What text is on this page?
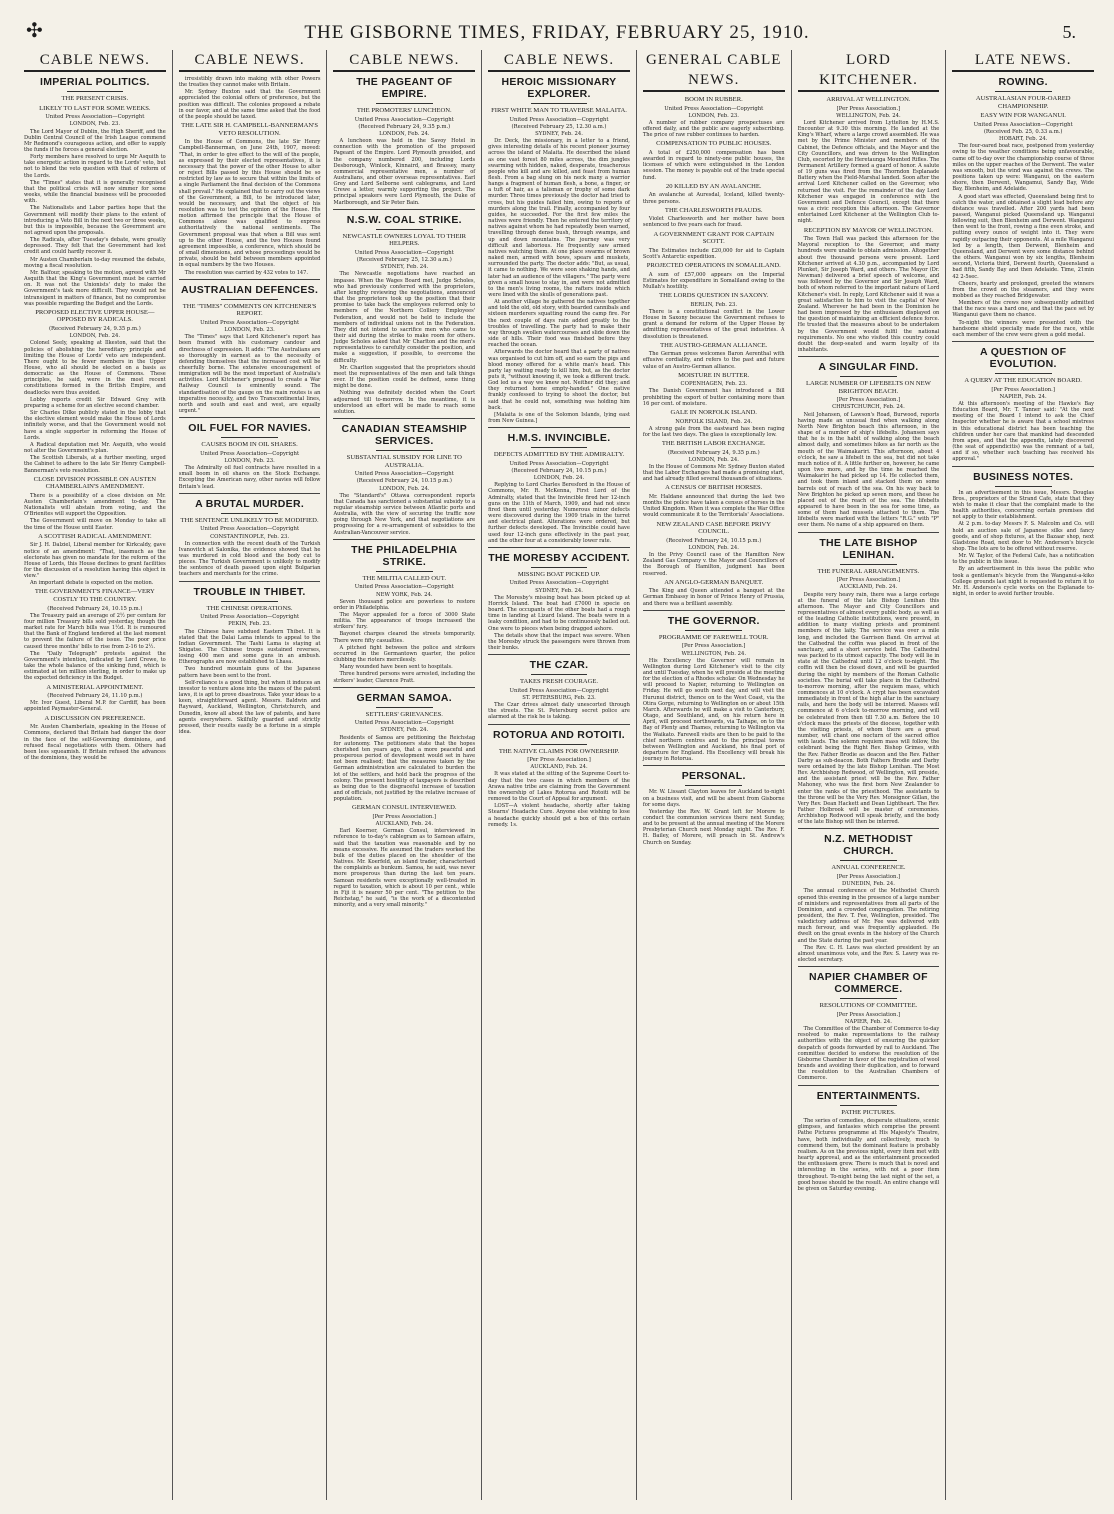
✣	THE GISBORNE TIMES, FRIDAY, FEBRUARY 25, 1910.	5.
CABLE NEWS.
IMPERIAL POLITICS.
THE PRESENT CRISIS.
LIKELY TO LAST FOR SOME WEEKS.
United Press Association—Copyright
LONDON, Feb. 23.

The Lord Mayor of Dublin, the High Sheriff, and the Dublin Central Council of the Irish League commend Mr Redmond's courageous action, and offer to supply the funds if he forces a general election.

Forty members have resolved to urge Mr Asquith to take energetic action in regard to the Lords' veto, but not to blend the veto question with that of reform of the Lords.

The "Times" states that it is generally recognised that the political crisis will now simmer for some weeks, while the financial business will be proceeded with.

The Nationalists and Labor parties hope that the Government will modify their plans to the extent of introducing a Veto Bill in the next two or three weeks, but this is impossible, because the Government are not agreed upon the proposals.

The Radicals, after Tuesday's debate, were greatly depressed. They felt that the Government had lost credit and could hardly recover it.

Mr Austen Chamberlain to-day resumed the debate, moving a fiscal resolution.

Mr. Balfour, speaking to the motion, agreed with Mr Asquith that the King's Government must be carried on. It was not the Unionists' duty to make the Government's task more difficult. They would not be intransigent in matters of finance, but no compromise was possible regarding the Budget and the Lords.

PROPOSED ELECTIVE UPPER HOUSE—OPPOSED BY RADICALS.
(Received February 24, 9.35 p.m.)
LONDON, Feb. 24.

Colonel Seely, speaking at Ilkeston, said that the policies of abolishing the hereditary principle and limiting the House of Lords' veto are independent. There ought to be fewer members in the Upper House, who all should be elected on a basis as democratic as the House of Commons. These principles, he said, were in the most recent constitutions formed in the British Empire, and deadlocks were thus avoided.

Lobby reports credit Sir Edward Grey with preparing a scheme for an elective second chamber.

Sir Charles Dilke publicly stated in the lobby that the elective element would make the House of Lords infinitely worse, and that the Government would not have a single supporter in reforming the House of Lords.

A Radical deputation met Mr. Asquith, who would not alter the Government's plan.

The Scottish Liberals, at a further meeting, urged the Cabinet to adhere to the late Sir Henry Campbell-Bannerman's veto resolution.

CLOSE DIVISION POSSIBLE ON AUSTEN CHAMBERLAIN'S AMENDMENT.

There is a possibility of a close division on Mr. Austen Chamberlain's amendment to-day. The Nationalists will abstain from voting, and the O'Brienites will support the Opposition.

The Government will move on Monday to take all the time of the House until Easter.

A SCOTTISH RADICAL AMENDMENT.

Sir J. H. Dalziel, Liberal member for Kirkcaldy, gave notice of an amendment: "That, inasmuch as the electorate has given no mandate for the reform of the House of Lords, this House declines to grant facilities for the discussion of a resolution having this object in view."

An important debate is expected on the motion.

THE GOVERNMENT'S FINANCE—VERY COSTLY TO THE COUNTRY.
(Received February 24, 10.15 p.m.)

The Treasury paid an average of 2½ per centum for four million Treasury bills sold yesterday, though the market rate for March bills was 1½d. It is rumoured that the Bank of England tendered at the last moment to prevent the failure of the issue. The poor price caused three months' bills to rise from 2-16 to 2½.

The "Daily Telegraph" protests against the Government's intention, indicated by Lord Crewe, to take the whole balance of the sinking fund, which is estimated at ten million sterling, in order to make up the expected deficiency in the Budget.

A MINISTERIAL APPOINTMENT.
(Received February 24, 11.10 p.m.)

Mr. Ivor Guest, Liberal M.P. for Cardiff, has been appointed Paymaster-General.

A DISCUSSION ON PREFERENCE.

Mr. Austen Chamberlain, speaking in the House of Commons, declared that Britain had danger the door in the face of the self-Governing dominions, and refused fiscal negotiations with them. Others had been less squeamish. If Britain refused the advances of the dominions, they would be

CABLE NEWS.

irresistibly drawn into making with other Powers the treaties they cannot make with Britain.

Mr. Sydney Buxton said that the Government appreciated the colonial offers of preference, but the position was difficult. The colonies proposed a rebate in our favor, and at the same time asked that the food of the people should be taxed.

THE LATE SIR H. CAMPBELL-BANNERMAN'S VETO RESOLUTION.

In the House of Commons, the late Sir Henry Campbell-Bannerman, on June 24th, 1907, moved: "That, in order to give effect to the will of the people, as expressed by their elected representatives, it is necessary that the power of the other House to alter or reject Bills passed by this House should be so restricted by law as to secure that within the limits of a single Parliament the final decision of the Commons shall prevail." He explained that to carry out the views of the Government, a Bill, to be introduced later, would be necessary, and that the object of his resolution was to test the opinion of the House. His motion affirmed the principle that the House of Commons alone was qualified to express authoritatively the national sentiments. The Government proposal was that when a Bill was sent up to the other House, and the two Houses found agreement impossible, a conference, which should be of small dimensions, and whose proceedings would be private, should be held between members appointed in equal numbers by the two Houses.

The resolution was carried by 432 votes to 147.

AUSTRALIAN DEFENCES.
THE "TIMES" COMMENTS ON KITCHENER'S REPORT.
United Press Association—Copyright
LONDON, Feb. 23.

The "Times" says that Lord Kitchener's report has been framed with his customary candour and directness of expression. It adds: "The Australians are so thoroughly in earnest as to the necessity of defending themselves that the increased cost will be cheerfully borne. The extensive encouragement of immigration will be the most important of Australia's activities. Lord Kitchener's proposal to create a War Railway Council is eminently sound. The standardisation of the gauge on the main routes is an imperative necessity, and two Transcontinental lines, north and south and east and west, are equally urgent."

OIL FUEL FOR NAVIES.
CAUSES BOOM IN OIL SHARES.
United Press Association—Copyright
LONDON, Feb. 23.

The Admiralty oil fuel contracts have resulted in a small boom in oil shares on the Stock Exchange. Excepting the American navy, other navies will follow Britain's lead.

A BRUTAL MURDER.
THE SENTENCE UNLIKELY TO BE MODIFIED.
United Press Association—Copyright
CONSTANTINOPLE, Feb. 23.

In connection with the recent death of the Turkish Ivanovitch at Salonika, the evidence showed that he was murdered in cold blood and the body cut to pieces. The Turkish Government is unlikely to modify the sentence of death passed upon eight Bulgarian teachers and merchants for the crime.

TROUBLE IN THIBET.
THE CHINESE OPERATIONS.
United Press Association—Copyright
PEKIN, Feb. 23.

The Chinese have subdued Eastern Thibet. It is stated that the Dalai Lama intends to appeal to the Indian Government. The Tashi Lama is staying at Shigatse. The Chinese troops sustained reverses, losing 400 men and some guns in an ambush. Etherographs are now established to Lhasa.

Two hundred mountain guns of the Japanese pattern have been sent to the front.

Self-reliance is a good thing, but when it induces an investor to venture alone into the mazes of the patent laws, it is apt to prove disastrous. Take your ideas to a keen, straightforward agent. Messrs. Baldwin and Rayward, Auckland, Wellington, Christchurch, and Dunedin, know all about the law of patents, and have agents everywhere. Skilfully guarded and strictly pressed, their results easily be a fortune in a simple idea.

CABLE NEWS.
THE PAGEANT OF EMPIRE.
THE PROMOTERS' LUNCHEON.
United Press Association—Copyright
(Received February 24, 9.35 p.m.)
LONDON, Feb. 24.

A luncheon was held in the Savoy Hotel in connection with the promotion of the proposed Pageant of the Empire. Lord Plymouth presided, and the company numbered 200, including Lords Desborough, Winlock, Kinnaird, and Brassey, many commercial representative men, a number of Australians, and other overseas representatives. Earl Grey and Lord Selborne sent cablegrams, and Lord Crewe a letter, warmly supporting the project. The principal speakers were Lord Plymouth, the Duke of Marlborough, and Sir Peter Bain.

N.S.W. COAL STRIKE.
NEWCASTLE OWNERS LOYAL TO THEIR HELPERS.
United Press Association—Copyright
(Received February 25, 12.30 a.m.)
SYDNEY, Feb. 24.

The Newcastle negotiations have reached an impasse. When the Wages Board met, Judge Scholes, who had previously conferred with the proprietors, after lengthy reviewing the negotiations, announced that the proprietors took up the position that their promise to take back the employees referred only to members of the Northern Colliery Employees' Federation, and would not be held to include the members of individual unions not in the Federation. They did not intend to sacrifice men who came to their aid during the strike to make room for others. Judge Scholes asked that Mr Charlton and the men's representatives to carefully consider the position, and make a suggestion, if possible, to overcome the difficulty.

Mr. Charlton suggested that the proprietors should meet the representatives of the men and talk things over. If the position could be defined, some thing might be done.

Nothing was definitely decided when the Court adjourned till to-morrow. In the meantime, it is understood an effort will be made to reach some solution.

CANADIAN STEAMSHIP SERVICES.
SUBSTANTIAL SUBSIDY FOR LINE TO AUSTRALIA.
United Press Association—Copyright
(Received February 24, 10.15 p.m.)
LONDON, Feb. 24.

The "Standard's" Ottawa correspondent reports that Canada has sanctioned a substantial subsidy to a regular steamship service between Atlantic ports and Australia, with the view of securing the traffic now going through New York, and that negotiations are progressing for a re-arrangement of subsidies to the Australian-Vancouver service.

THE PHILADELPHIA STRIKE.
THE MILITIA CALLED OUT.
United Press Association—Copyright
NEW YORK, Feb. 24.

Seven thousand police are powerless to restore order in Philadelphia.

The Mayor appealed for a force of 3000 State militia. The appearance of troops increased the strikers' fury.

Bayonet charges cleared the streets temporarily. There were fifty casualties.

A pitched fight between the police and strikers occurred in the Germantown quarter, the police clubbing the rioters mercilessly.

Many wounded have been sent to hospitals.

Three hundred persons were arrested, including the strikers' leader, Clarence Pratt.

GERMAN SAMOA.
SETTLERS' GRIEVANCES.
United Press Association—Copyright
SYDNEY, Feb. 24.

Residents of Samoa are petitioning the Reichstag for autonomy. The petitioners state that the hopes cherished ten years ago, that a more peaceful and prosperous period of development would set in have not been realised; that the measures taken by the German administration are calculated to burden the lot of the settlers, and hold back the progress of the colony. The present hostility of taxpayers is described as being due to the disgraceful increase of taxation and of officials, not justified by the relative increase of population.

GERMAN CONSUL INTERVIEWED.
[Per Press Association.]
AUCKLAND, Feb. 24.

Earl Koerner, German Consul, interviewed in reference to to-day's cablegram as to Samoan affairs, said that the taxation was reasonable and by no means excessive. He assumed the traders worked the bulk of the duties placed on the shoulder of the Natives. Mr. Koerfeld, an island trader, characterised the complaints as bunkum. Samoa, he said, was never more prosperous than during the last ten years. Samoan residents were exceptionally well-treated in regard to taxation, which is about 10 per cent., while in Fiji it is nearer 50 per cent. "The petition to the Reichstag," he said, "is the work of a discontented minority, and a very small minority."

CABLE NEWS.
HEROIC MISSIONARY EXPLORER.
FIRST WHITE MAN TO TRAVERSE MALAITA.
United Press Association—Copyright
(Received February 25, 12.30 a.m.)
SYDNEY, Feb. 24.

Dr. Deck, the missionary, in a letter to a friend, gives interesting details of his recent pioneer journey across the island of Malaita. He described the island as one vast forest 80 miles across, the dim jungles swarming with hidden, naked, desperate, treacherous people who kill and are killed, and feast from human flesh. From a bag slung on his neck many a warrior hangs a fragment of human flesh, a bone, a finger, or a tuft of hair, as a talisman or trophy of some dark murder. Three times previously the doctor had tried to cross, but his guides failed him, owing to reports of murders along the trail. Finally, accompanied by four guides, he succeeded. For the first few miles the natives were friendly. Then he entered the territory of natives against whom he had repeatedly been warned, travelling through dense bush, through swamps, and up and down mountains. The journey was very difficult and laborious. He frequently saw armed natives watching them. At one place swarms of brown naked men, armed with bows, spears and muskets, surrounded the party. The doctor adds: "But, as usual, it came to nothing. We were soon shaking hands, and later had an audience of the villagers." The party were given a small house to stay in, and were not admitted to the men's living rooms, the rafters inside which were lined with the skulls of generations past.

At another village he gathered the natives together and told the old, old story, with bearded cannibals and sixteen murderers squatting round the camp fire. For the next couple of days rain added greatly to the troubles of travelling. The party had to make their way through swollen watercourses and slide down the side of hills. Their food was finished before they reached the ocean.

Afterwards the doctor heard that a party of natives was organised to cut him off, and so earn the pigs and blood money offered for a white man's head. This party lay waiting ready to kill him, but, as the doctor puts it, "without knowing it, we took a different track. God led us a way we knew not. Neither did they; and they returned home empty-handed." One native frankly confessed to trying to shoot the doctor, but said that he could not, something was holding him back.

[Malaita is one of the Solomon Islands, lying east from New Guinea.]

H.M.S. INVINCIBLE.
DEFECTS ADMITTED BY THE ADMIRALTY.
United Press Association—Copyright
(Received February 24, 10.15 p.m.)
LONDON, Feb. 24.

Replying to Lord Charles Beresford in the House of Commons, Mr. R. McKenna, First Lord of the Admiralty, stated that the Invincible fired her 12-inch guns on the 11th of March, 1909, and had not since fired them until yesterday. Numerous minor defects were discovered during the 1909 trials in the turret and electrical plant. Alterations were ordered, but further defects developed. The Invincible could have used four 12-inch guns effectively in the past year, and the other four at a considerably lower rate.

THE MORESBY ACCIDENT.
MISSING BOAT PICKED UP.
United Press Association—Copyright
SYDNEY, Feb. 24.

The Moresby's missing boat has been picked up at Horrick Island. The boat had £7000 in specie on board. The occupants of the other boats had a rough time in landing at Lizard Island. The boats were in a leaky condition, and had to be continuously bailed out. One were to pieces when being dragged ashore.

The details show that the impact was severe. When the Moresby struck the passengers were thrown from their bunks.

THE CZAR.
TAKES FRESH COURAGE.
United Press Association—Copyright
ST. PETERSBURG, Feb. 23.

The Czar drives almost daily unescorted through the streets. The St. Petersburg secret police are alarmed at the risk he is taking.

ROTORUA AND ROTOITI.
THE NATIVE CLAIMS FOR OWNERSHIP.
[Per Press Association.]
AUCKLAND, Feb. 24.

It was stated at the sitting of the Supreme Court to-day that the two cases in which members of the Arawa native tribe are claiming from the Government the ownership of Lakes Rotorua and Rotoiti will be removed to the Court of Appeal for argument.

LOST—A violent headache, shortly after taking Stearns' Headache Cure. Anyone else wishing to lose a headache quickly should get a box of this certain remedy. 1s.

GENERAL CABLE NEWS.
BOOM IN RUBBER.
United Press Association—Copyright
LONDON, Feb. 23.

A number of rubber company prospectuses are offered daily, and the public are eagerly subscribing. The price of raw rubber continues to harden.

COMPENSATION TO PUBLIC HOUSES.

A total of £250,000 compensation has been awarded in regard to ninety-one public houses, the licenses of which were extinguished in the London session. The money is payable out of the trade special fund.

20 KILLED BY AN AVALANCHE.

An avalanche at Auresdal, Iceland, killed twenty-three persons.

THE CHARLESWORTH FRAUDS.

Violet Charlesworth and her mother have been sentenced to five years each for fraud.

A GOVERNMENT GRANT FOR CAPTAIN SCOTT.

The Estimates include £20,000 for aid to Captain Scott's Antarctic expedition.

PROJECTED OPERATIONS IN SOMALILAND.

A sum of £57,000 appears on the Imperial Estimates for expenditure in Somaliland owing to the Mullah's hostility.

THE LORDS QUESTION IN SAXONY.
BERLIN, Feb. 23.

There is a constitutional conflict in the Lower House in Saxony because the Government refuses to grant a demand for reform of the Upper House by admitting representatives of the great industries. A dissolution is threatened.

THE AUSTRO-GERMAN ALLIANCE.

The German press welcomes Baron Aerenthal with effusive cordiality, and refers to the past and future value of an Austro-German alliance.

MOISTURE IN BUTTER.
COPENHAGEN, Feb. 23.

The Danish Government has introduced a Bill prohibiting the export of butter containing more than 16 per cent. of moisture.

GALE IN NORFOLK ISLAND.
NORFOLK ISLAND, Feb. 24.

A strong gale from the eastward has been raging for the last two days. The glass is exceptionally low.

THE BRITISH LABOR EXCHANGE.
(Received February 24, 9.35 p.m.)
LONDON, Feb. 24.

In the House of Commons Mr. Sydney Buxton stated that the Labor Exchanges had made a promising start, and had already filled several thousands of situations.

A CENSUS OF BRITISH HORSES.

Mr. Haldane announced that during the last two months the police have taken a census of horses in the United Kingdom. When it was complete the War Office would communicate it to the Territorials' Associations.

NEW ZEALAND CASE BEFORE PRIVY COUNCIL.
(Received February 24, 10.15 p.m.)
LONDON, Feb. 24.

In the Privy Council case of the Hamilton New Zealand Gas Company v. the Mayor and Councillors of the Borough of Hamilton, judgment has been reserved.

AN ANGLO-GERMAN BANQUET.

The King and Queen attended a banquet at the German Embassy in honor of Prince Henry of Prussia, and there was a brilliant assembly.

THE GOVERNOR.
PROGRAMME OF FAREWELL TOUR.
[Per Press Association.]
WELLINGTON, Feb. 24.

His Excellency the Governor will remain in Wellington during Lord Kitchener's visit to the city and until Tuesday, when he will preside at the meeting for the election of a Rhodes scholar. On Wednesday he will proceed to Napier, returning to Wellington on Friday. He will go south next day, and will visit the Hurunui district, thence on to the West Coast, via the Otira Gorge, returning to Wellington on or about 15th March. Afterwards he will make a visit to Canterbury, Otago, and Southland, and, on his return here in April, will proceed northwards, via Taihape, on to the Bay of Plenty and Thames, returning to Wellington via the Waikato. Farewell visits are then to be paid to the chief northern centres and to the principal towns between Wellington and Auckland, his final port of departure for England. His Excellency will break his journey in Rotorua.

PERSONAL.

Mr. W. Lissant Clayton leaves for Auckland to-night on a business visit, and will be absent from Gisborne for some days.

Yesterday the Rev. W. Grant left for Morere to conduct the communion services there next Sunday, and to be present at the annual meeting of the Morere Presbyterian Church next Monday night. The Rev. F. H. Bailey, of Morere, will preach in St. Andrew's Church on Sunday.

LORD KITCHENER.
ARRIVAL AT WELLINGTON.
[Per Press Association.]
WELLINGTON, Feb. 24.

Lord Kitchener arrived from Lyttelton by H.M.S. Encounter at 9.30 this morning. He landed at the King's Wharf, where a large crowd assembled. He was met by the Prime Minister and members of the Cabinet, the Defence officials, and the Mayor and the City Councillors, and was driven to the Wellington Club, escorted by the Heretaunga Mounted Rifles. The Permanent Artillery formed a guard of honor. A salute of 19 guns was fired from the Thorndon Esplanade Battery when the Field-Marshal landed. Soon after the arrival Lord Kitchener called on the Governor, who returned the visit. For the remainder of the day Lord Kitchener was engaged in conference with the Government and Defence Council, except that there was a civic reception this afternoon. The Governor entertained Lord Kitchener at the Wellington Club to-night.

RECEPTION BY MAYOR OF WELLINGTON.

The Town Hall was packed this afternoon for the Mayoral reception to the Governor, and many hundreds were unable to obtain admission. Altogether about five thousand persons were present. Lord Kitchener arrived at 4.30 p.m., accompanied by Lord Plunket, Sir Joseph Ward, and others. The Mayor (Dr. Newman) delivered a brief speech of welcome, and was followed by the Governor and Sir Joseph Ward, both of whom referred to the important nature of Lord Kitchener's visit. In reply, Lord Kitchener said it was a great satisfaction to him to visit the capital of New Zealand. Wherever he had been in the Dominion he had been impressed by the enthusiasm displayed on the question of maintaining an efficient defence force. He trusted that the measures about to be undertaken by the Government would fulfil the national requirements. No one who visited this country could doubt the deep-seated and warm loyalty of its inhabitants.

A SINGULAR FIND.
LARGE NUMBER OF LIFEBELTS ON NEW BRIGHTON BEACH.
[Per Press Association.]
CHRISTCHURCH, Feb. 24.

Neil Johansen, of Lawson's Road, Burwood, reports having made an unusual find when walking along North New Brighton beach this afternoon, in the shape of a number of ship's lifebelts. Johansen says that he is in the habit of walking along the beach almost daily, and sometimes hikes as far north as the mouth of the Waimakariri. This afternoon, about 4 o'clock, he saw a lifebelt in the sea, but did not take much notice of it. A little further on, however, he came upon two more, and by the time he reached the Waimakariri he had picked up 14. He collected them, and took them inland and stacked them on some barrels out of reach of the sea. On his way back to New Brighton he picked up seven more, and these he placed out of the reach of the sea. The lifebelts appeared to have been in the sea for some time, as some of them had mussels attached to them. The lifebelts were marked with the letters "R.G." with "P" over them. No name of a ship appeared on them.

THE LATE BISHOP LENIHAN.
THE FUNERAL ARRANGEMENTS.
[Per Press Association.]
AUCKLAND, Feb. 24.

Despite very heavy rain, there was a large cortege at the funeral of the late Bishop Lenihan this afternoon. The Mayor and City Councillors and representatives of almost every public body, as well as of the leading Catholic institutions, were present, in addition to many visiting priests and prominent members of the laity. The service was over a mile long, and included the Garrison Band. On arrival at the Cathedral the coffin was placed in front of the sanctuary, and a short service held. The Cathedral was packed to its utmost capacity. The body will lie in state at the Cathedral until 12 o'clock to-night. The coffin will then be closed down, and will be guarded during the night by members of the Roman Catholic societies. The burial will take place in the Cathedral to-morrow morning, after the requiem mass, which commences at 10 o'clock. A crypt has been excavated immediately in front of the high altar in the sanctuary rails, and here the body will be interred. Masses will commence at 6 o'clock to-morrow morning, and will be celebrated from then till 7.30 a.m. Before the 10 o'clock mass the priests of the diocese, together with the visiting priests, of whom there are a great number, will chant one nocturn of the sacred office with lauds. The solemn requiem mass will follow, the celebrant being the Right Rev. Bishop Grimes, with the Rev. Father Brodie as deacon and the Rev. Father Darby as sub-deacon. Both Fathers Brodie and Darby were ordained by the late Bishop Lenihan. The Most Rev. Archbishop Redwood, of Wellington, will preside, and the assistant priest will be the Rev. Father Mahoney, who was the first born New Zealander to enter the ranks of the priesthood. The assistants to the throne will be the Very Rev. Monsignor Gillan, the Very Rev. Dean Hackett and Dean Lightheart. The Rev. Father Holbrook will be master of ceremonies. Archbishop Redwood will speak briefly, and the body of the late Bishop will then be interred.

N.Z. METHODIST CHURCH.
ANNUAL CONFERENCE.
[Per Press Association.]
DUNEDIN, Feb. 24.

The annual conference of the Methodist Church opened this evening in the presence of a large number of ministers and representatives from all parts of the Dominion, and a crowded congregation. The retiring president, the Rev. T. Fee, Wellington, presided. The valedictory address of Mr. Fee was delivered with much fervour, and was frequently applauded. He dwelt on the great events in the history of the Church and the State during the past year.

The Rev. C. H. Laws was elected president by an almost unanimous vote, and the Rev. S. Lawry was re-elected secretary.

NAPIER CHAMBER OF COMMERCE.
RESOLUTIONS OF COMMITTEE.
[Per Press Association.]
NAPIER, Feb. 24.

The Committee of the Chamber of Commerce to-day resolved to make representations to the railway authorities with the object of ensuring the quicker despatch of goods forwarded by rail to Auckland. The committee decided to endorse the resolution of the Gisborne Chamber in favor of the registration of wool brands and avoiding their duplication, and to forward the resolution to the Australian Chambers of Commerce.

ENTERTAINMENTS.
PATHE PICTURES.

The series of comedies, desperate situations, scenic glimpses, and fantasies which comprise the present Pathe Pictures programme at His Majesty's Theatre, have, both individually and collectively, much to commend them, but the dominant feature is probably realism. As on the previous night, every item met with hearty approval, and as the entertainment proceeded the enthusiasm grew. There is much that is novel and interesting in the series, with not a poor item throughout. To-night being the last night of the set, a good house should be the result. An entire change will be given on Saturday evening.

LATE NEWS.
ROWING.
AUSTRALASIAN FOUR-OARED CHAMPIONSHIP.
EASY WIN FOR WANGANUI.
United Press Association—Copyright
(Received Feb. 25, 0.33 a.m.)
HOBART, Feb. 24.

The four-oared boat race, postponed from yesterday owing to the weather conditions being unfavourable, came off to-day over the championship course of three miles on the upper reaches of the Derwent. The water was smooth, but the wind was against the crews. The positions taken up were: Wanganui, on the eastern shore, then Derwent, Wangamui, Sandy Bay, Wide Bay, Blenheim, and Adelaide.

A good start was effected, Queensland being first to catch the water, and obtained a slight lead before any distance was travelled. After 200 yards had been passed, Wanganui picked Queensland up. Wanganui following suit, then Blenheim and Derwent. Wanganui then went to the front, rowing a fine even stroke, and putting every ounce of weight into it. They were rapidly outpacing their opponents. At a mile Wanganui led by a length, then Derwent, Blenheim and Queensland, and Derwent were some distance behind the others. Wanganui won by six lengths, Blenheim second, Victoria third, Derwent fourth, Queensland a bad fifth, Sandy Bay and then Adelaide. Time, 21min 42 2-5sec.

Cheers, hearty and prolonged, greeted the winners from the crowd on the steamers, and they were mobbed as they reached Bridgewater.

Members of the crews now subsequently admitted that the race was a hard one, and that the pace set by Wanganui gave them no chance.

To-night the winners were presented with the handsome shield specially made for the race, while each member of the crew were given a gold medal.

A QUESTION OF EVOLUTION.
A QUERY AT THE EDUCATION BOARD.
[Per Press Association.]
NAPIER, Feb. 24.

At this afternoon's meeting of the Hawke's Bay Education Board, Mr. T. Tanner said: "At the next meeting of the Board I intend to ask the Chief Inspector whether he is aware that a school mistress in this educational district has been teaching the children under her care that mankind had descended from apes, and that the appendix, lately discovered (the seat of appendicitis) was the remnant of a tail, and if so, whether such teaching has received his approval."

BUSINESS NOTES.

In an advertisement in this issue, Messrs. Douglas Bros., proprietors of the Strand Cafe, state that they wish to make it clear that the complaint made to the health authorities, concerning certain premises did not apply to their establishment.

At 2 p.m. to-day Messrs F. S. Malcolm and Co. will hold an auction sale of Japanese silks and fancy goods, and of shop fixtures, at the Bazaar shop, next Gladstone Road, next door to Mr. Anderson's bicycle shop. The lots are to be offered without reserve.

Mr. W. Taylor, of the Federal Cafe, has a notification to the public in this issue.

By an advertisement in this issue the public who took a gentleman's bicycle from the Wanganui-a-kiko College grounds last night is requested to return it to Mr. H. Anderson's cycle works on the Esplanade to-night, in order to avoid further trouble.
